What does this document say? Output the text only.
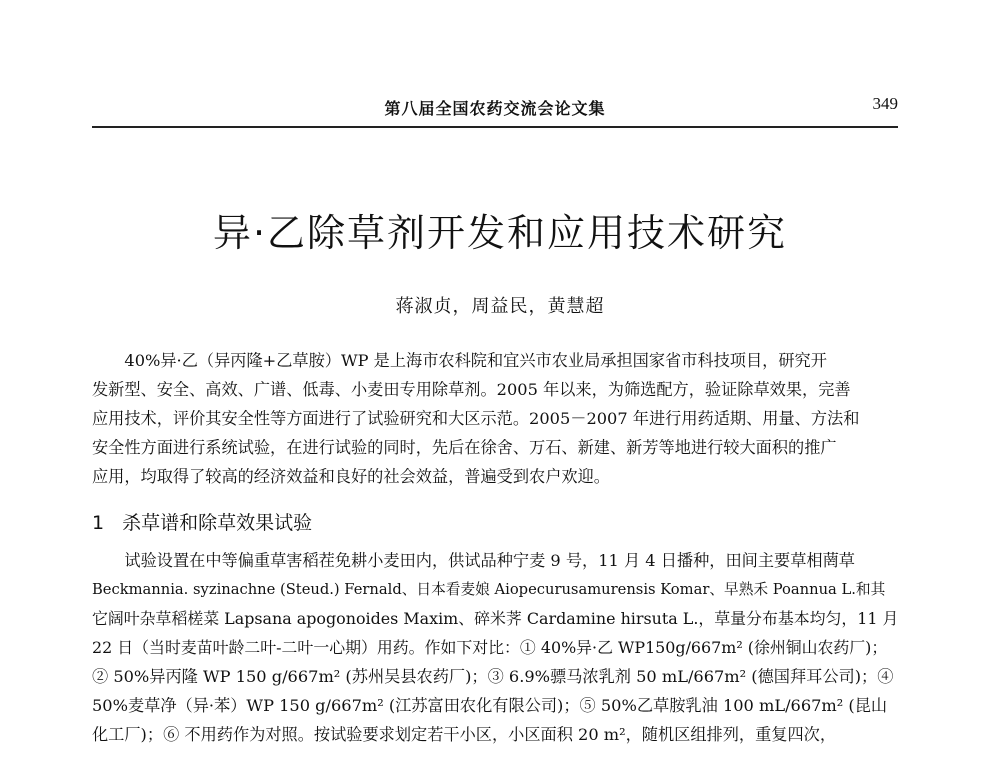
第八届全国农药交流会论文集	349
异·乙除草剂开发和应用技术研究
蒋淑贞，周益民，黄慧超
40%异·乙（异丙隆+乙草胺）WP 是上海市农科院和宜兴市农业局承担国家省市科技项目，研究开
发新型、安全、高效、广谱、低毒、小麦田专用除草剂。2005 年以来，为筛选配方，验证除草效果，完善
应用技术，评价其安全性等方面进行了试验研究和大区示范。2005－2007 年进行用药适期、用量、方法和
安全性方面进行系统试验，在进行试验的同时，先后在徐舍、万石、新建、新芳等地进行较大面积的推广
应用，均取得了较高的经济效益和良好的社会效益，普遍受到农户欢迎。
1 杀草谱和除草效果试验
试验设置在中等偏重草害稻茬免耕小麦田内，供试品种宁麦 9 号，11 月 4 日播种，田间主要草相菵草
Beckmannia. syzinachne (Steud.) Fernald、日本看麦娘 Aiopecurusamurensis Komar、早熟禾 Poannua L.和其
它阔叶杂草稻槎菜 Lapsana apogonoides Maxim、碎米荠 Cardamine hirsuta L.，草量分布基本均匀，11 月
22 日（当时麦苗叶龄二叶-二叶一心期）用药。作如下对比：① 40%异·乙 WP150g/667m² (徐州铜山农药厂)；
② 50%异丙隆 WP 150 g/667m² (苏州吴县农药厂)；③ 6.9%骠马浓乳剂 50 mL/667m² (德国拜耳公司)；④
50%麦草净（异·苯）WP 150 g/667m² (江苏富田农化有限公司)；⑤ 50%乙草胺乳油 100 mL/667m² (昆山
化工厂)；⑥ 不用药作为对照。按试验要求划定若干小区，小区面积 20 m²，随机区组排列，重复四次，
